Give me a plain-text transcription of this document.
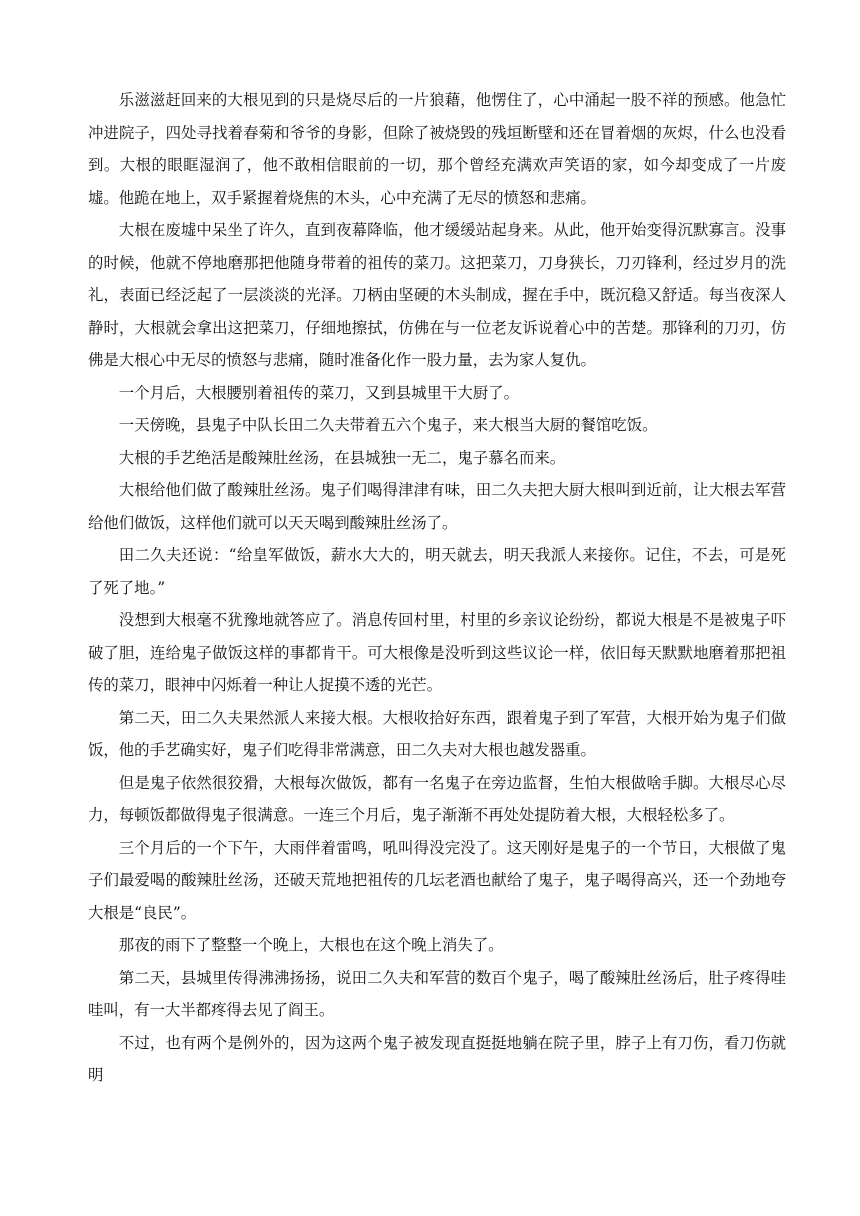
乐滋滋赶回来的大根见到的只是烧尽后的一片狼藉，他愣住了，心中涌起一股不祥的预感。他急忙冲进院子，四处寻找着春菊和爷爷的身影，但除了被烧毁的残垣断壁和还在冒着烟的灰烬，什么也没看到。大根的眼眶湿润了，他不敢相信眼前的一切，那个曾经充满欢声笑语的家，如今却变成了一片废墟。他跪在地上，双手紧握着烧焦的木头，心中充满了无尽的愤怒和悲痛。

大根在废墟中呆坐了许久，直到夜幕降临，他才缓缓站起身来。从此，他开始变得沉默寡言。没事的时候，他就不停地磨那把他随身带着的祖传的菜刀。这把菜刀，刀身狭长，刀刃锋利，经过岁月的洗礼，表面已经泛起了一层淡淡的光泽。刀柄由坚硬的木头制成，握在手中，既沉稳又舒适。每当夜深人静时，大根就会拿出这把菜刀，仔细地擦拭，仿佛在与一位老友诉说着心中的苦楚。那锋利的刀刃，仿佛是大根心中无尽的愤怒与悲痛，随时准备化作一股力量，去为家人复仇。

一个月后，大根腰别着祖传的菜刀，又到县城里干大厨了。

一天傍晚，县鬼子中队长田二久夫带着五六个鬼子，来大根当大厨的餐馆吃饭。

大根的手艺绝活是酸辣肚丝汤，在县城独一无二，鬼子慕名而来。

大根给他们做了酸辣肚丝汤。鬼子们喝得津津有味，田二久夫把大厨大根叫到近前，让大根去军营给他们做饭，这样他们就可以天天喝到酸辣肚丝汤了。

田二久夫还说：“给皇军做饭，薪水大大的，明天就去，明天我派人来接你。记住，不去，可是死了死了地。”

没想到大根毫不犹豫地就答应了。消息传回村里，村里的乡亲议论纷纷，都说大根是不是被鬼子吓破了胆，连给鬼子做饭这样的事都肯干。可大根像是没听到这些议论一样，依旧每天默默地磨着那把祖传的菜刀，眼神中闪烁着一种让人捉摸不透的光芒。

第二天，田二久夫果然派人来接大根。大根收拾好东西，跟着鬼子到了军营，大根开始为鬼子们做饭，他的手艺确实好，鬼子们吃得非常满意，田二久夫对大根也越发器重。

但是鬼子依然很狡猾，大根每次做饭，都有一名鬼子在旁边监督，生怕大根做啥手脚。大根尽心尽力，每顿饭都做得鬼子很满意。一连三个月后，鬼子渐渐不再处处提防着大根，大根轻松多了。

三个月后的一个下午，大雨伴着雷鸣，吼叫得没完没了。这天刚好是鬼子的一个节日，大根做了鬼子们最爱喝的酸辣肚丝汤，还破天荒地把祖传的几坛老酒也献给了鬼子，鬼子喝得高兴，还一个劲地夸大根是“良民”。

那夜的雨下了整整一个晚上，大根也在这个晚上消失了。

第二天，县城里传得沸沸扬扬，说田二久夫和军营的数百个鬼子，喝了酸辣肚丝汤后，肚子疼得哇哇叫，有一大半都疼得去见了阎王。

不过，也有两个是例外的，因为这两个鬼子被发现直挺挺地躺在院子里，脖子上有刀伤，看刀伤就明
